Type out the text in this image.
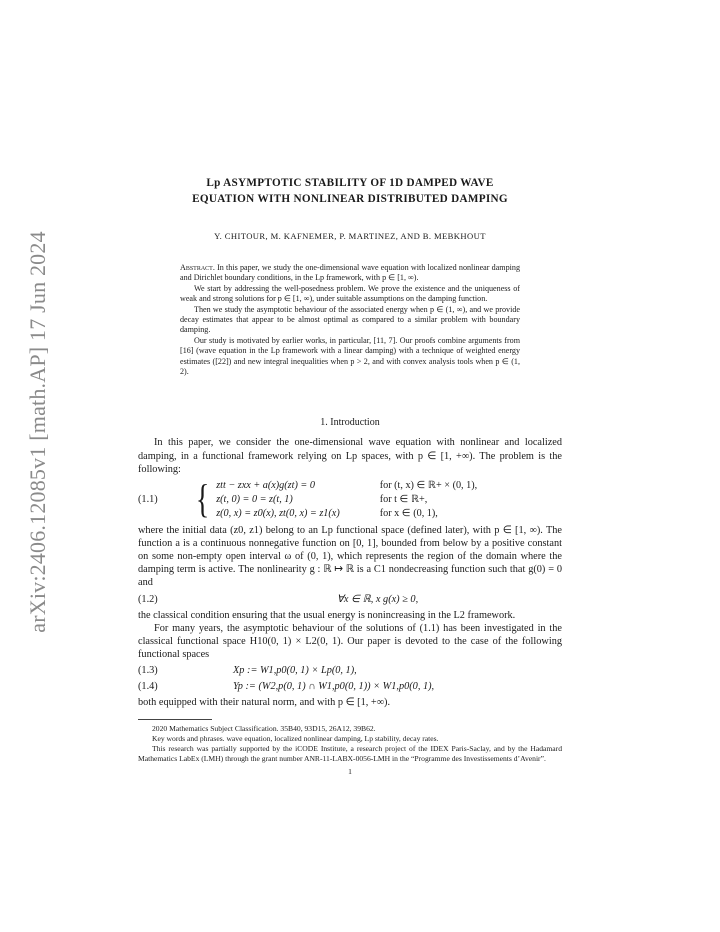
arXiv:2406.12085v1 [math.AP] 17 Jun 2024
Lp ASYMPTOTIC STABILITY OF 1D DAMPED WAVE
EQUATION WITH NONLINEAR DISTRIBUTED DAMPING
Y. CHITOUR, M. KAFNEMER, P. MARTINEZ, AND B. MEBKHOUT

Abstract. In this paper, we study the one-dimensional wave equation with localized nonlinear damping and Dirichlet boundary conditions, in the Lp framework, with p ∈ [1, ∞).

We start by addressing the well-posedness problem. We prove the existence and the uniqueness of weak and strong solutions for p ∈ [1, ∞), under suitable assumptions on the damping function.

Then we study the asymptotic behaviour of the associated energy when p ∈ (1, ∞), and we provide decay estimates that appear to be almost optimal as compared to a similar problem with boundary damping.

Our study is motivated by earlier works, in particular, [11, 7]. Our proofs combine arguments from [16] (wave equation in the Lp framework with a linear damping) with a technique of weighted energy estimates ([22]) and new integral inequalities when p > 2, and with convex analysis tools when p ∈ (1, 2).

1. Introduction

In this paper, we consider the one-dimensional wave equation with nonlinear and localized damping, in a functional framework relying on Lp spaces, with p ∈ [1, +∞). The problem is the following:

(1.1) { ztt − zxx + a(x)g(zt) = 0	for (t, x) ∈ ℝ+ × (0, 1),
z(t, 0) = 0 = z(t, 1)	for t ∈ ℝ+,
z(0, x) = z0(x), zt(0, x) = z1(x)	for x ∈ (0, 1),

where the initial data (z0, z1) belong to an Lp functional space (defined later), with p ∈ [1, ∞). The function a is a continuous nonnegative function on [0, 1], bounded from below by a positive constant on some non-empty open interval ω of (0, 1), which represents the region of the domain where the damping term is active. The nonlinearity g : ℝ ↦ ℝ is a C1 nondecreasing function such that g(0) = 0 and

(1.2)	∀x ∈ ℝ, x g(x) ≥ 0,

the classical condition ensuring that the usual energy is nonincreasing in the L2 framework.

For many years, the asymptotic behaviour of the solutions of (1.1) has been investigated in the classical functional space H10(0, 1) × L2(0, 1). Our paper is devoted to the case of the following functional spaces

(1.3)	Xp := W1,p0(0, 1) × Lp(0, 1),
(1.4)	Yp := (W2,p(0, 1) ∩ W1,p0(0, 1)) × W1,p0(0, 1),

both equipped with their natural norm, and with p ∈ [1, +∞).

2020 Mathematics Subject Classification. 35B40, 93D15, 26A12, 39B62.

Key words and phrases. wave equation, localized nonlinear damping, Lp stability, decay rates.

This research was partially supported by the iCODE Institute, a research project of the IDEX Paris-Saclay, and by the Hadamard Mathematics LabEx (LMH) through the grant number ANR-11-LABX-0056-LMH in the “Programme des Investissements d’Avenir”.

1
